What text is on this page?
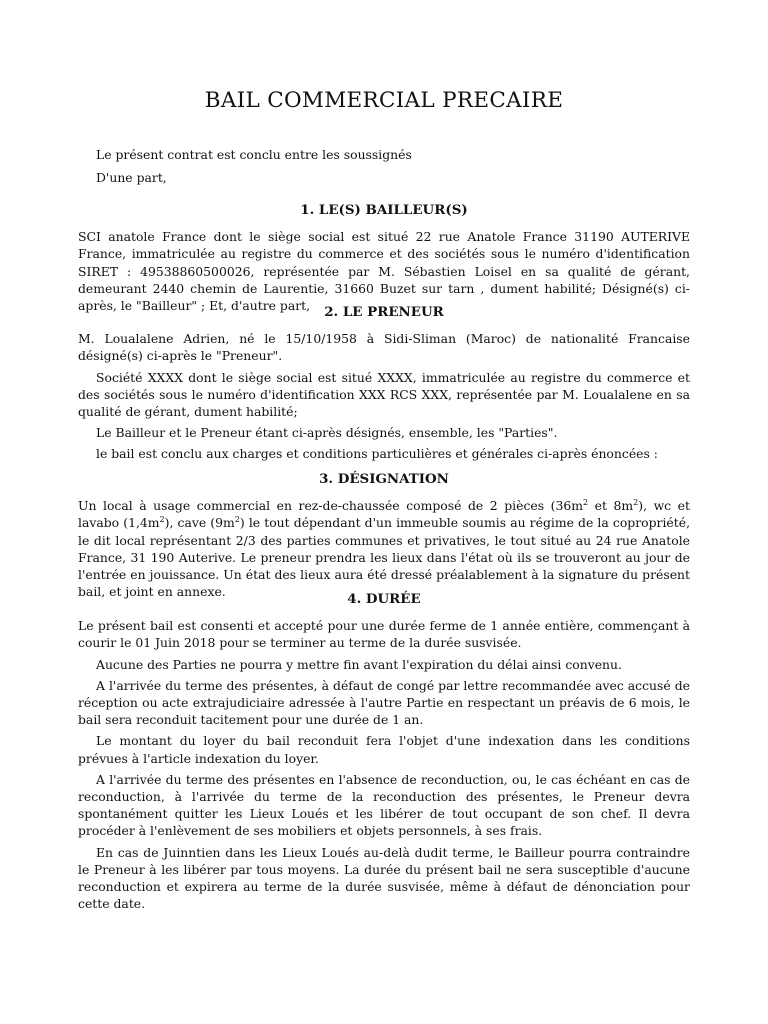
BAIL COMMERCIAL PRECAIRE

Le présent contrat est conclu entre les soussignés

D'une part,

1. LE(S) BAILLEUR(S)

SCI anatole France dont le siège social est situé 22 rue Anatole France 31190 AUTERIVE France, immatriculée au registre du commerce et des sociétés sous le numéro d'identification SIRET : 49538860500026, représentée par M. Sébastien Loisel en sa qualité de gérant, demeurant 2440 chemin de Laurentie, 31660 Buzet sur tarn , dument habilité; Désigné(s) ci-après, le "Bailleur" ; Et, d'autre part,	2. LE PRENEUR

M. Loualalene Adrien, né le 15/10/1958 à Sidi-Sliman (Maroc) de nationalité Francaise désigné(s) ci-après le "Preneur".

Société XXXX dont le siège social est situé XXXX, immatriculée au registre du commerce et des sociétés sous le numéro d'identification XXX RCS XXX, représentée par M. Loualalene en sa qualité de gérant, dument habilité;

Le Bailleur et le Preneur étant ci-après désignés, ensemble, les "Parties".

le bail est conclu aux charges et conditions particulières et générales ci-après énoncées :

3. DÉSIGNATION

Un local à usage commercial en rez-de-chaussée composé de 2 pièces ($36m^2$ et $8m^2$), wc et lavabo $(1,4m^2)$, cave $(9m^2)$ le tout dépendant d'un immeuble soumis au régime de la copropriété, le dit local représentant 2/3 des parties communes et privatives, le tout situé au 24 rue Anatole France, 31 190 Auterive. Le preneur prendra les lieux dans l'état où ils se trouveront au jour de l'entrée en jouissance. Un état des lieux aura été dressé préalablement à la signature du présent bail, et joint en annexe.	4. DURÉE

Le présent bail est consenti et accepté pour une durée ferme de 1 année entière, commençant à courir le 01 Juin 2018 pour se terminer au terme de la durée susvisée.

Aucune des Parties ne pourra y mettre fin avant l'expiration du délai ainsi convenu.

A l'arrivée du terme des présentes, à défaut de congé par lettre recommandée avec accusé de réception ou acte extrajudiciaire adressée à l'autre Partie en respectant un préavis de 6 mois, le bail sera reconduit tacitement pour une durée de 1 an.

Le montant du loyer du bail reconduit fera l'objet d'une indexation dans les conditions prévues à l'article indexation du loyer.

A l'arrivée du terme des présentes en l'absence de reconduction, ou, le cas échéant en cas de reconduction, à l'arrivée du terme de la reconduction des présentes, le Preneur devra spontanément quitter les Lieux Loués et les libérer de tout occupant de son chef. Il devra procéder à l'enlèvement de ses mobiliers et objets personnels, à ses frais.

En cas de Juinntien dans les Lieux Loués au-delà dudit terme, le Bailleur pourra contraindre le Preneur à les libérer par tous moyens. La durée du présent bail ne sera susceptible d'aucune reconduction et expirera au terme de la durée susvisée, même à défaut de dénonciation pour cette date.
